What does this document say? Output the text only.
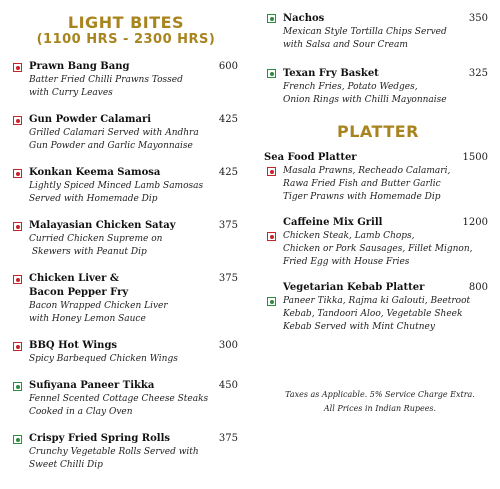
LIGHT BITES
(1100 HRS - 2300 HRS)
Prawn Bang Bang	600
Batter Fried Chilli Prawns Tossed
with Curry Leaves
Gun Powder Calamari	425
Grilled Calamari Served with Andhra
Gun Powder and Garlic Mayonnaise
Konkan Keema Samosa	425
Lightly Spiced Minced Lamb Samosas
Served with Homemade Dip
Malayasian Chicken Satay	375
Curried Chicken Supreme on
Skewers with Peanut Dip
Chicken Liver &
Bacon Pepper Fry
375
Bacon Wrapped Chicken Liver
with Honey Lemon Sauce
BBQ Hot Wings	300
Spicy Barbequed Chicken Wings
Sufiyana Paneer Tikka	450
Fennel Scented Cottage Cheese Steaks
Cooked in a Clay Oven
Crispy Fried Spring Rolls	375
Crunchy Vegetable Rolls Served with
Sweet Chilli Dip
Nachos	350
Mexican Style Tortilla Chips Served
with Salsa and Sour Cream
Texan Fry Basket	325
French Fries, Potato Wedges,
Onion Rings with Chilli Mayonnaise
PLATTER
Sea Food Platter	1500
Masala Prawns, Recheado Calamari,
Rawa Fried Fish and Butter Garlic
Tiger Prawns with Homemade Dip
Caffeine Mix Grill	1200
Chicken Steak, Lamb Chops,
Chicken or Pork Sausages, Fillet Mignon,
Fried Egg with House Fries
Vegetarian Kebab Platter	800
Paneer Tikka, Rajma ki Galouti, Beetroot
Kebab, Tandoori Aloo, Vegetable Sheek
Kebab Served with Mint Chutney
Taxes as Applicable. 5% Service Charge Extra.
All Prices in Indian Rupees.
